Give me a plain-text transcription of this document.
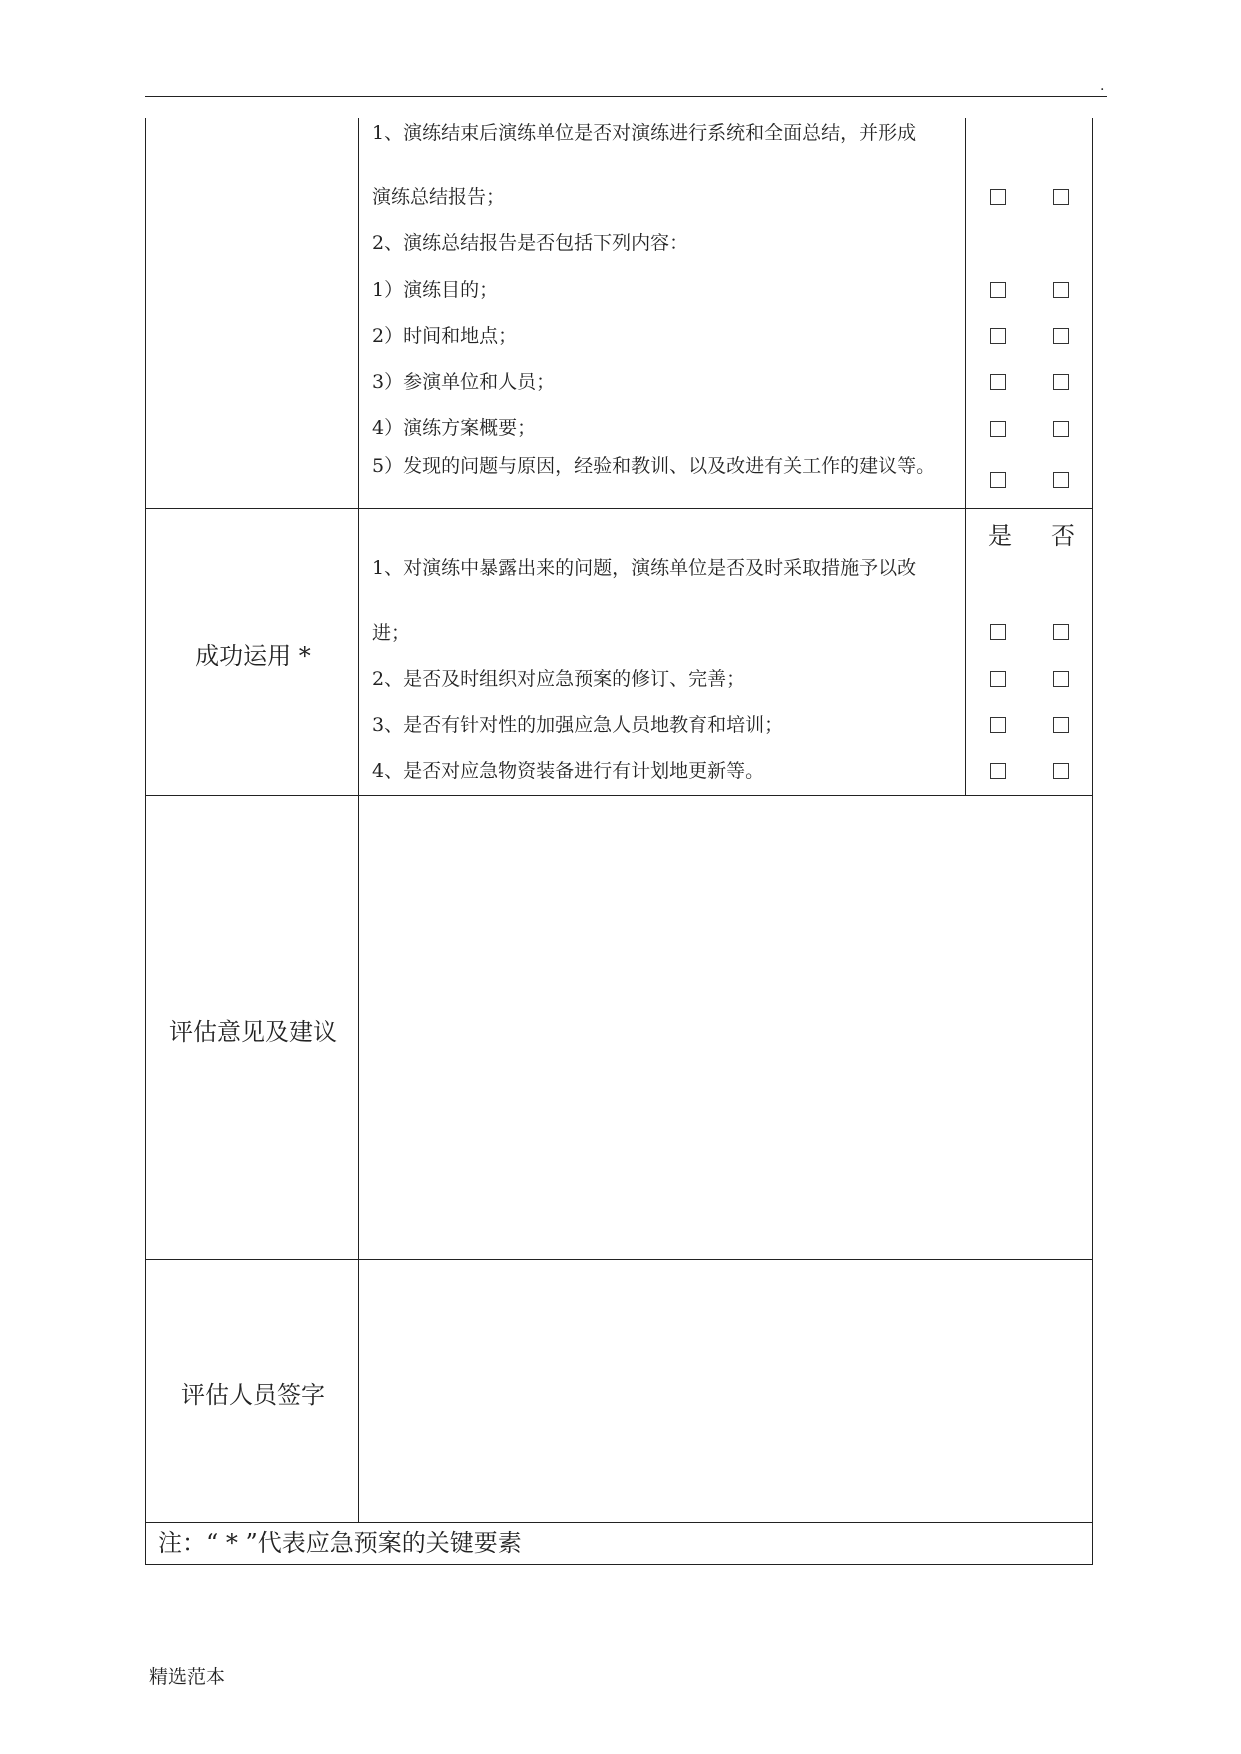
.
1、演练结束后演练单位是否对演练进行系统和全面总结，并形成
演练总结报告；
2、演练总结报告是否包括下列内容：
1）演练目的；
2）时间和地点；
3）参演单位和人员；
4）演练方案概要；
5）发现的问题与原因，经验和教训、以及改进有关工作的建议等。
成功运用 *
是 否
1、对演练中暴露出来的问题，演练单位是否及时采取措施予以改
进；
2、是否及时组织对应急预案的修订、完善；
3、是否有针对性的加强应急人员地教育和培训；
4、是否对应急物资装备进行有计划地更新等。
评估意见及建议
评估人员签字
注：“ * ”代表应急预案的关键要素
精选范本
